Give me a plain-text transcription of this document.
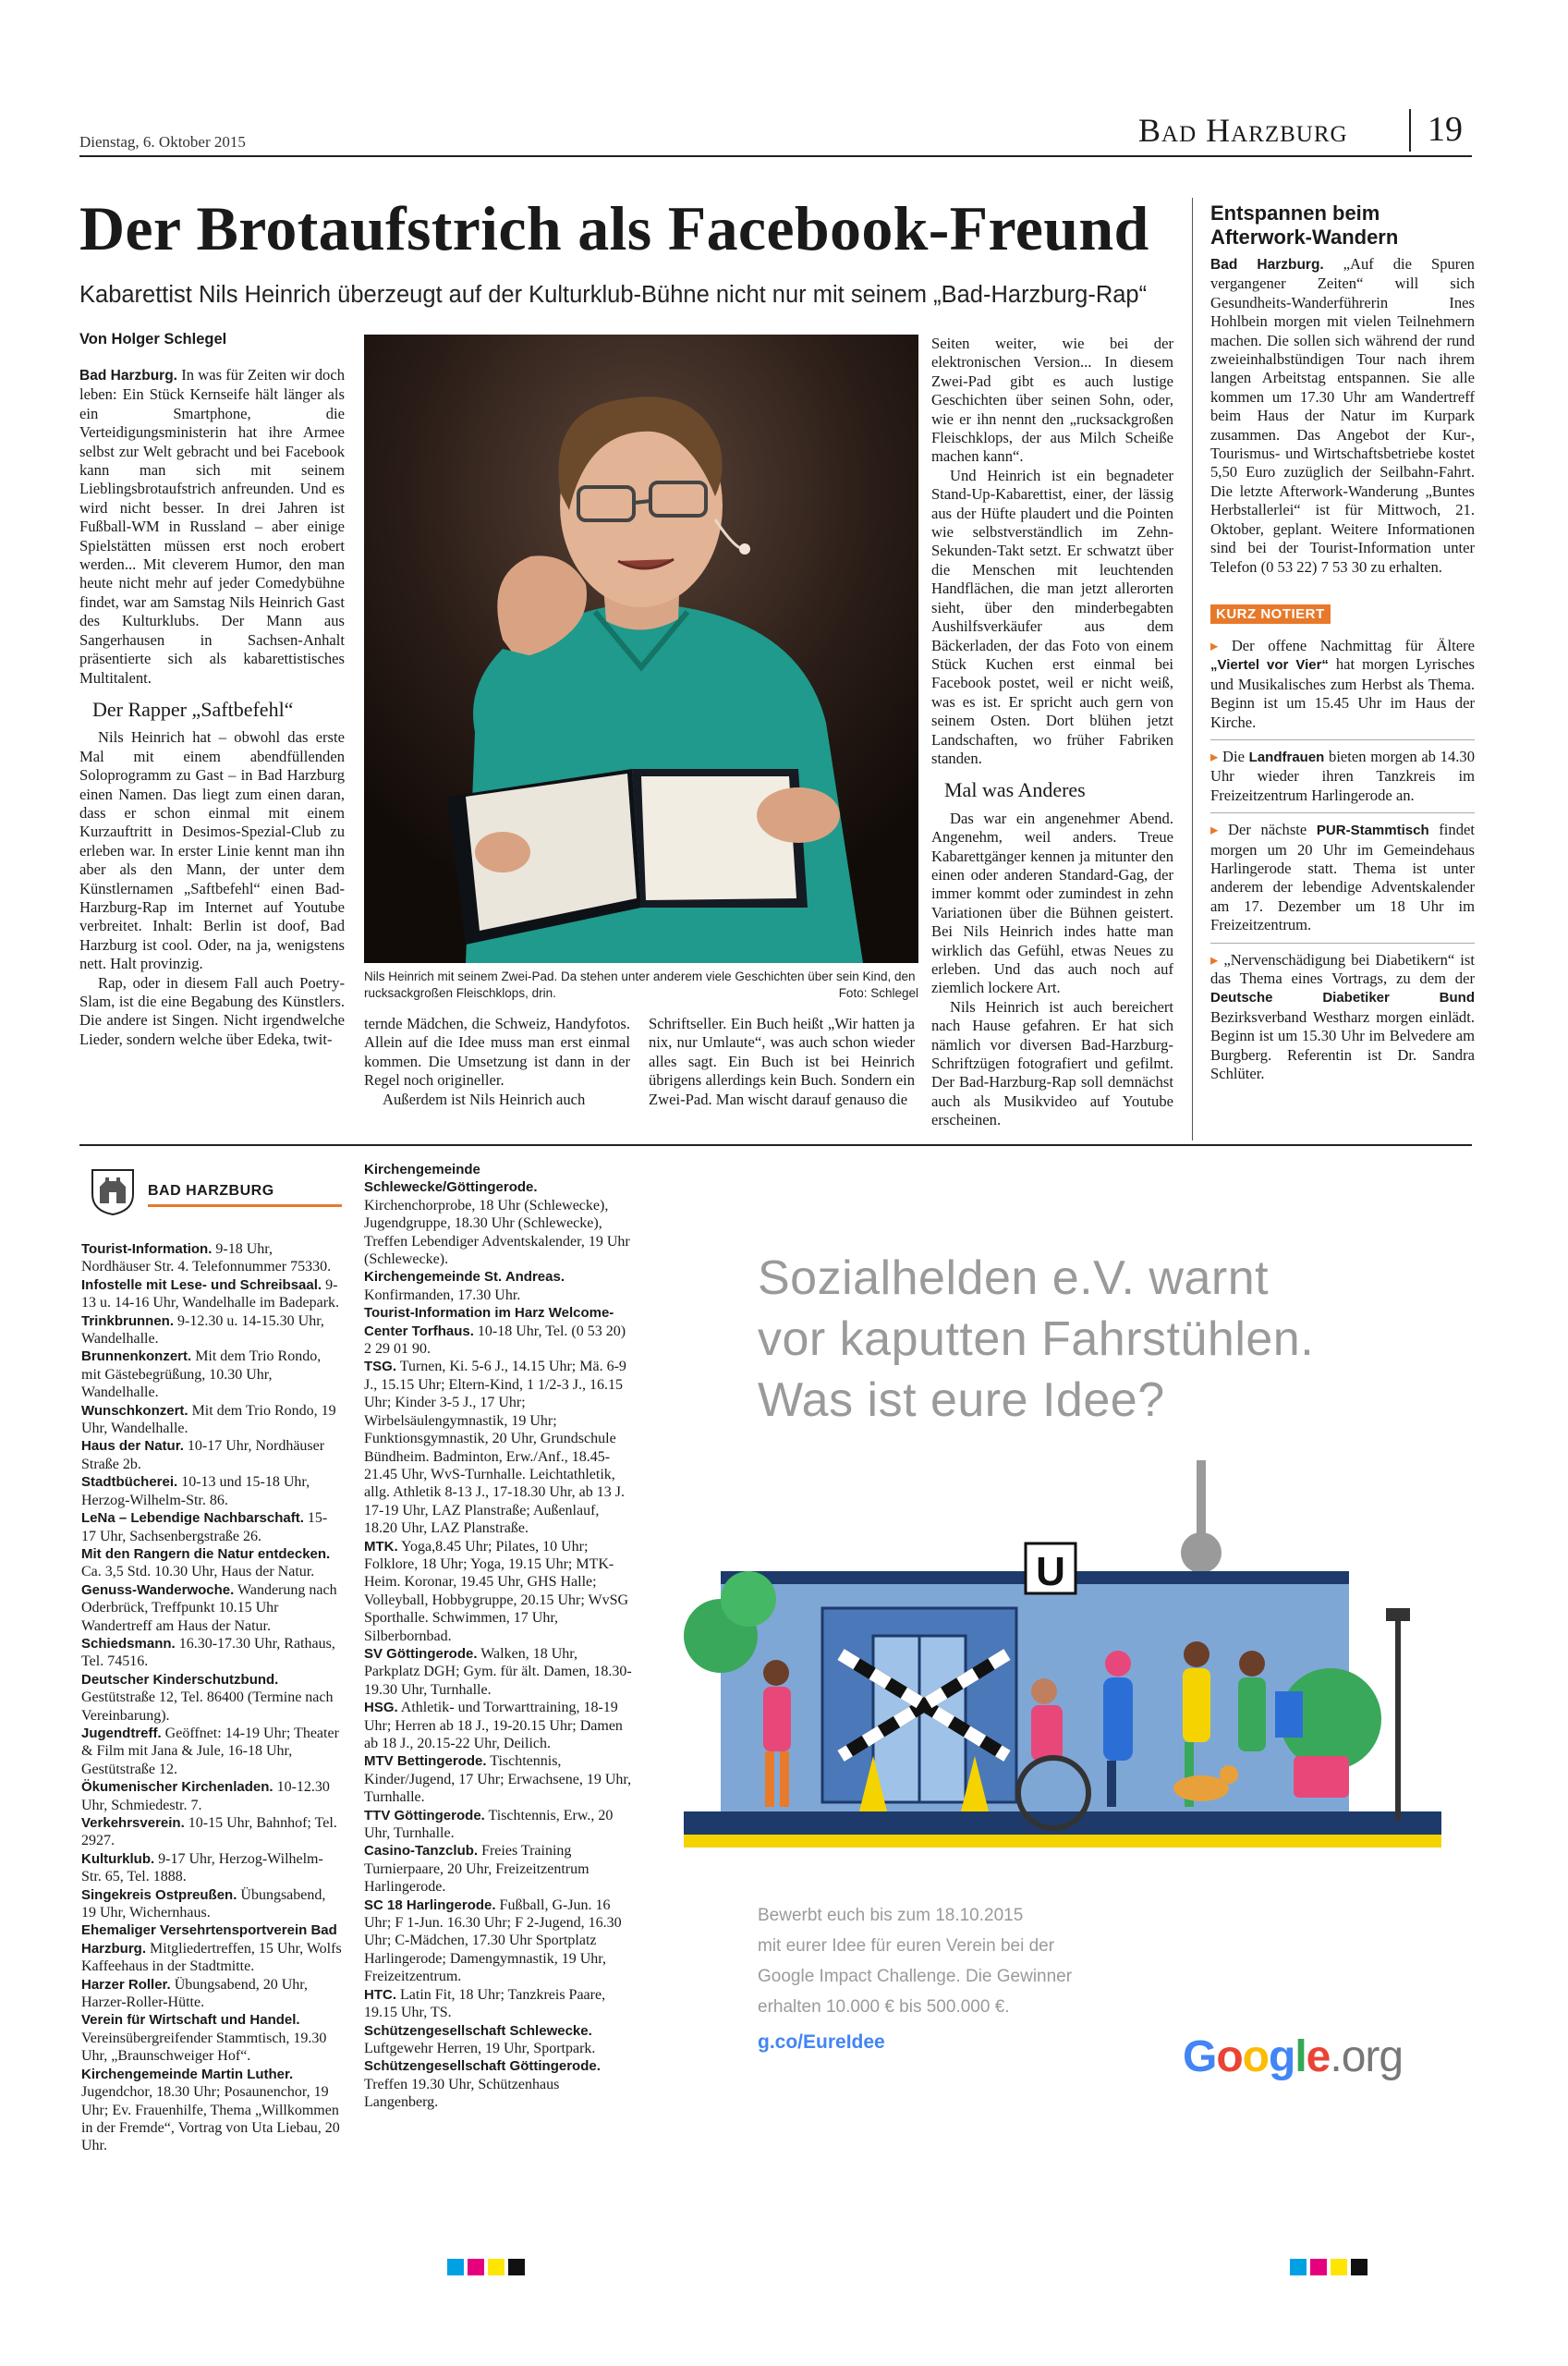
Dienstag, 6. Oktober 2015	Bad Harzburg 19
Der Brotaufstrich als Facebook-Freund
Kabarettist Nils Heinrich überzeugt auf der Kulturklub-Bühne nicht nur mit seinem „Bad-Harzburg-Rap“
Von Holger Schlegel

Bad Harzburg. In was für Zeiten wir doch leben: Ein Stück Kernseife hält länger als ein Smartphone, die Verteidigungsministerin hat ihre Armee selbst zur Welt gebracht und bei Facebook kann man sich mit seinem Lieblingsbrotaufstrich anfreunden. Und es wird nicht besser. In drei Jahren ist Fußball-WM in Russland – aber einige Spielstätten müssen erst noch erobert werden... Mit cleverem Humor, den man heute nicht mehr auf jeder Comedybühne findet, war am Samstag Nils Heinrich Gast des Kulturklubs. Der Mann aus Sangerhausen in Sachsen-Anhalt präsentierte sich als kabarettistisches Multitalent.

Der Rapper „Saftbefehl“

Nils Heinrich hat – obwohl das erste Mal mit einem abendfüllenden Soloprogramm zu Gast – in Bad Harzburg einen Namen. Das liegt zum einen daran, dass er schon einmal mit einem Kurzauftritt in Desimos-Spezial-Club zu erleben war. In erster Linie kennt man ihn aber als den Mann, der unter dem Künstlernamen „Saftbefehl“ einen Bad-Harzburg-Rap im Internet auf Youtube verbreitet. Inhalt: Berlin ist doof, Bad Harzburg ist cool. Oder, na ja, wenigstens nett. Halt provinzig.

Rap, oder in diesem Fall auch Poetry-Slam, ist die eine Begabung des Künstlers. Die andere ist Singen. Nicht irgendwelche Lieder, sondern welche über Edeka, twit-

Nils Heinrich mit seinem Zwei-Pad. Da stehen unter anderem viele Geschichten über sein Kind, den rucksackgroßen Fleischklops, drin.	Foto: Schlegel

ternde Mädchen, die Schweiz, Handyfotos. Allein auf die Idee muss man erst einmal kommen. Die Umsetzung ist dann in der Regel noch origineller.

Außerdem ist Nils Heinrich auch

Schriftseller. Ein Buch heißt „Wir hatten ja nix, nur Umlaute“, was auch schon wieder alles sagt. Ein Buch ist bei Heinrich übrigens allerdings kein Buch. Sondern ein Zwei-Pad. Man wischt darauf genauso die

Seiten weiter, wie bei der elektronischen Version... In diesem Zwei-Pad gibt es auch lustige Geschichten über seinen Sohn, oder, wie er ihn nennt den „rucksackgroßen Fleischklops, der aus Milch Scheiße machen kann“.

Und Heinrich ist ein begnadeter Stand-Up-Kabarettist, einer, der lässig aus der Hüfte plaudert und die Pointen wie selbstverständlich im Zehn-Sekunden-Takt setzt. Er schwatzt über die Menschen mit leuchtenden Handflächen, die man jetzt allerorten sieht, über den minderbegabten Aushilfsverkäufer aus dem Bäckerladen, der das Foto von einem Stück Kuchen erst einmal bei Facebook postet, weil er nicht weiß, was es ist. Er spricht auch gern von seinem Osten. Dort blühen jetzt Landschaften, wo früher Fabriken standen.

Mal was Anderes

Das war ein angenehmer Abend. Angenehm, weil anders. Treue Kabarettgänger kennen ja mitunter den einen oder anderen Standard-Gag, der immer kommt oder zumindest in zehn Variationen über die Bühnen geistert. Bei Nils Heinrich indes hatte man wirklich das Gefühl, etwas Neues zu erleben. Und das auch noch auf ziemlich lockere Art.

Nils Heinrich ist auch bereichert nach Hause gefahren. Er hat sich nämlich vor diversen Bad-Harzburg-Schriftzügen fotografiert und gefilmt. Der Bad-Harzburg-Rap soll demnächst auch als Musikvideo auf Youtube erscheinen.

Entspannen beim Afterwork-Wandern
Bad Harzburg. „Auf die Spuren vergangener Zeiten“ will sich Gesundheits-Wanderführerin Ines Hohlbein morgen mit vielen Teilnehmern machen. Die sollen sich während der rund zweieinhalbstündigen Tour nach ihrem langen Arbeitstag entspannen. Sie alle kommen um 17.30 Uhr am Wandertreff beim Haus der Natur im Kurpark zusammen. Das Angebot der Kur-, Tourismus- und Wirtschaftsbetriebe kostet 5,50 Euro zuzüglich der Seilbahn-Fahrt. Die letzte Afterwork-Wanderung „Buntes Herbstallerlei“ ist für Mittwoch, 21. Oktober, geplant. Weitere Informationen sind bei der Tourist-Information unter Telefon (0 53 22) 7 53 30 zu erhalten.
KURZ NOTIERT

▸ Der offene Nachmittag für Ältere „Viertel vor Vier“ hat morgen Lyrisches und Musikalisches zum Herbst als Thema. Beginn ist um 15.45 Uhr im Haus der Kirche.

▸ Die Landfrauen bieten morgen ab 14.30 Uhr wieder ihren Tanzkreis im Freizeitzentrum Harlingerode an.

▸ Der nächste PUR-Stammtisch findet morgen um 20 Uhr im Gemeindehaus Harlingerode statt. Thema ist unter anderem der lebendige Adventskalender am 17. Dezember um 18 Uhr im Freizeitzentrum.

▸ „Nervenschädigung bei Diabetikern“ ist das Thema eines Vortrags, zu dem der Deutsche Diabetiker Bund Bezirksverband Westharz morgen einlädt. Beginn ist um 15.30 Uhr im Belvedere am Burgberg. Referentin ist Dr. Sandra Schlüter.

BAD HARZBURG

Tourist-Information. 9-18 Uhr, Nordhäuser Str. 4. Telefonnummer 75330.

Infostelle mit Lese- und Schreibsaal. 9-13 u. 14-16 Uhr, Wandelhalle im Badepark.

Trinkbrunnen. 9-12.30 u. 14-15.30 Uhr, Wandelhalle.

Brunnenkonzert. Mit dem Trio Rondo, mit Gästebegrüßung, 10.30 Uhr, Wandelhalle.

Wunschkonzert. Mit dem Trio Rondo, 19 Uhr, Wandelhalle.

Haus der Natur. 10-17 Uhr, Nordhäuser Straße 2b.

Stadtbücherei. 10-13 und 15-18 Uhr, Herzog-Wilhelm-Str. 86.

LeNa – Lebendige Nachbarschaft. 15-17 Uhr, Sachsenbergstraße 26.

Mit den Rangern die Natur entdecken. Ca. 3,5 Std. 10.30 Uhr, Haus der Natur.

Genuss-Wanderwoche. Wanderung nach Oderbrück, Treffpunkt 10.15 Uhr Wandertreff am Haus der Natur.

Schiedsmann. 16.30-17.30 Uhr, Rathaus, Tel. 74516.

Deutscher Kinderschutzbund. Gestütstraße 12, Tel. 86400 (Termine nach Vereinbarung).

Jugendtreff. Geöffnet: 14-19 Uhr; Theater & Film mit Jana & Jule, 16-18 Uhr, Gestütstraße 12.

Ökumenischer Kirchenladen. 10-12.30 Uhr, Schmiedestr. 7.

Verkehrsverein. 10-15 Uhr, Bahnhof; Tel. 2927.

Kulturklub. 9-17 Uhr, Herzog-Wilhelm-Str. 65, Tel. 1888.

Singekreis Ostpreußen. Übungsabend, 19 Uhr, Wichernhaus.

Ehemaliger Versehrtensportverein Bad Harzburg. Mitgliedertreffen, 15 Uhr, Wolfs Kaffeehaus in der Stadtmitte.

Harzer Roller. Übungsabend, 20 Uhr, Harzer-Roller-Hütte.

Verein für Wirtschaft und Handel. Vereinsübergreifender Stammtisch, 19.30 Uhr, „Braunschweiger Hof“.

Kirchengemeinde Martin Luther. Jugendchor, 18.30 Uhr; Posaunenchor, 19 Uhr; Ev. Frauenhilfe, Thema „Willkommen in der Fremde“, Vortrag von Uta Liebau, 20 Uhr.

Kirchengemeinde Schlewecke/Göttingerode. Kirchenchorprobe, 18 Uhr (Schlewecke), Jugendgruppe, 18.30 Uhr (Schlewecke), Treffen Lebendiger Adventskalender, 19 Uhr (Schlewecke).

Kirchengemeinde St. Andreas. Konfirmanden, 17.30 Uhr.

Tourist-Information im Harz Welcome-Center Torfhaus. 10-18 Uhr, Tel. (0 53 20) 2 29 01 90.

TSG. Turnen, Ki. 5-6 J., 14.15 Uhr; Mä. 6-9 J., 15.15 Uhr; Eltern-Kind, 1 1/2-3 J., 16.15 Uhr; Kinder 3-5 J., 17 Uhr; Wirbelsäulengymnastik, 19 Uhr; Funktionsgymnastik, 20 Uhr, Grundschule Bündheim. Badminton, Erw./Anf., 18.45-21.45 Uhr, WvS-Turnhalle. Leichtathletik, allg. Athletik 8-13 J., 17-18.30 Uhr, ab 13 J. 17-19 Uhr, LAZ Planstraße; Außenlauf, 18.20 Uhr, LAZ Planstraße.

MTK. Yoga,8.45 Uhr; Pilates, 10 Uhr; Folklore, 18 Uhr; Yoga, 19.15 Uhr; MTK-Heim. Koronar, 19.45 Uhr, GHS Halle; Volleyball, Hobbygruppe, 20.15 Uhr; WvSG Sporthalle. Schwimmen, 17 Uhr, Silberbornbad.

SV Göttingerode. Walken, 18 Uhr, Parkplatz DGH; Gym. für ält. Damen, 18.30-19.30 Uhr, Turnhalle.

HSG. Athletik- und Torwarttraining, 18-19 Uhr; Herren ab 18 J., 19-20.15 Uhr; Damen ab 18 J., 20.15-22 Uhr, Deilich.

MTV Bettingerode. Tischtennis, Kinder/Jugend, 17 Uhr; Erwachsene, 19 Uhr, Turnhalle.

TTV Göttingerode. Tischtennis, Erw., 20 Uhr, Turnhalle.

Casino-Tanzclub. Freies Training Turnierpaare, 20 Uhr, Freizeitzentrum Harlingerode.

SC 18 Harlingerode. Fußball, G-Jun. 16 Uhr; F 1-Jun. 16.30 Uhr; F 2-Jugend, 16.30 Uhr; C-Mädchen, 17.30 Uhr Sportplatz Harlingerode; Damengymnastik, 19 Uhr, Freizeitzentrum.

HTC. Latin Fit, 18 Uhr; Tanzkreis Paare, 19.15 Uhr, TS.

Schützengesellschaft Schlewecke. Luftgewehr Herren, 19 Uhr, Sportpark.

Schützengesellschaft Göttingerode. Treffen 19.30 Uhr, Schützenhaus Langenberg.

Sozialhelden e.V. warnt
vor kaputten Fahrstühlen.
Was ist eure Idee?
U
Bewerbt euch bis zum 18.10.2015
mit eurer Idee für euren Verein bei der
Google Impact Challenge. Die Gewinner
erhalten 10.000 € bis 500.000 €.
g.co/EureIdee	Google.org
